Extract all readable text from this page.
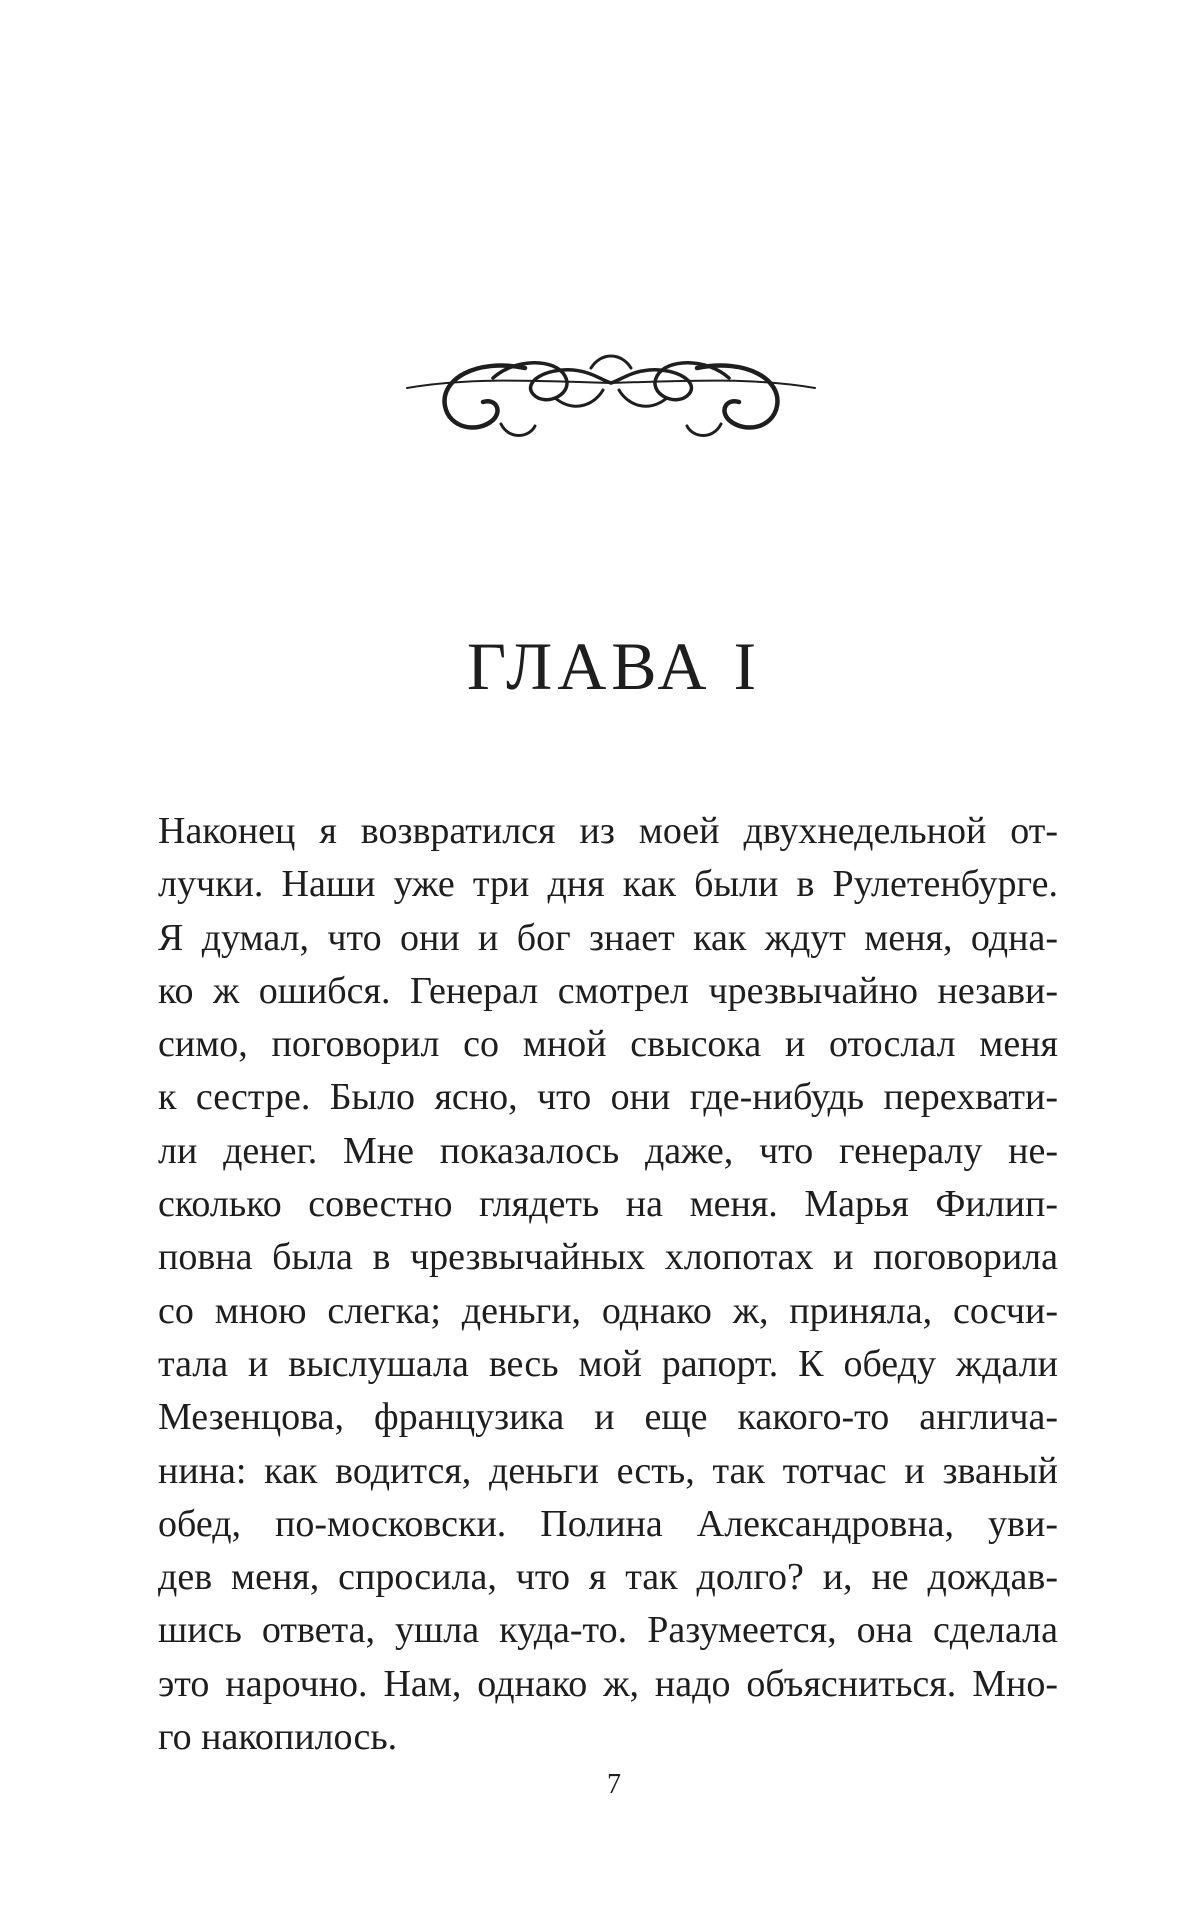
ГЛАВА I
Наконец я возвратился из моей двухнедельной от-
лучки. Наши уже три дня как были в Рулетенбурге.
Я думал, что они и бог знает как ждут меня, одна-
ко ж ошибся. Генерал смотрел чрезвычайно незави-
симо, поговорил со мной свысока и отослал меня
к сестре. Было ясно, что они где-нибудь перехвати-
ли денег. Мне показалось даже, что генералу не-
сколько совестно глядеть на меня. Марья Филип-
повна была в чрезвычайных хлопотах и поговорила
со мною слегка; деньги, однако ж, приняла, сосчи-
тала и выслушала весь мой рапорт. К обеду ждали
Мезенцова, французика и еще какого-то англича-
нина: как водится, деньги есть, так тотчас и званый
обед, по-московски. Полина Александровна, уви-
дев меня, спросила, что я так долго? и, не дождав-
шись ответа, ушла куда-то. Разумеется, она сделала
это нарочно. Нам, однако ж, надо объясниться. Мно-
го накопилось.
7
